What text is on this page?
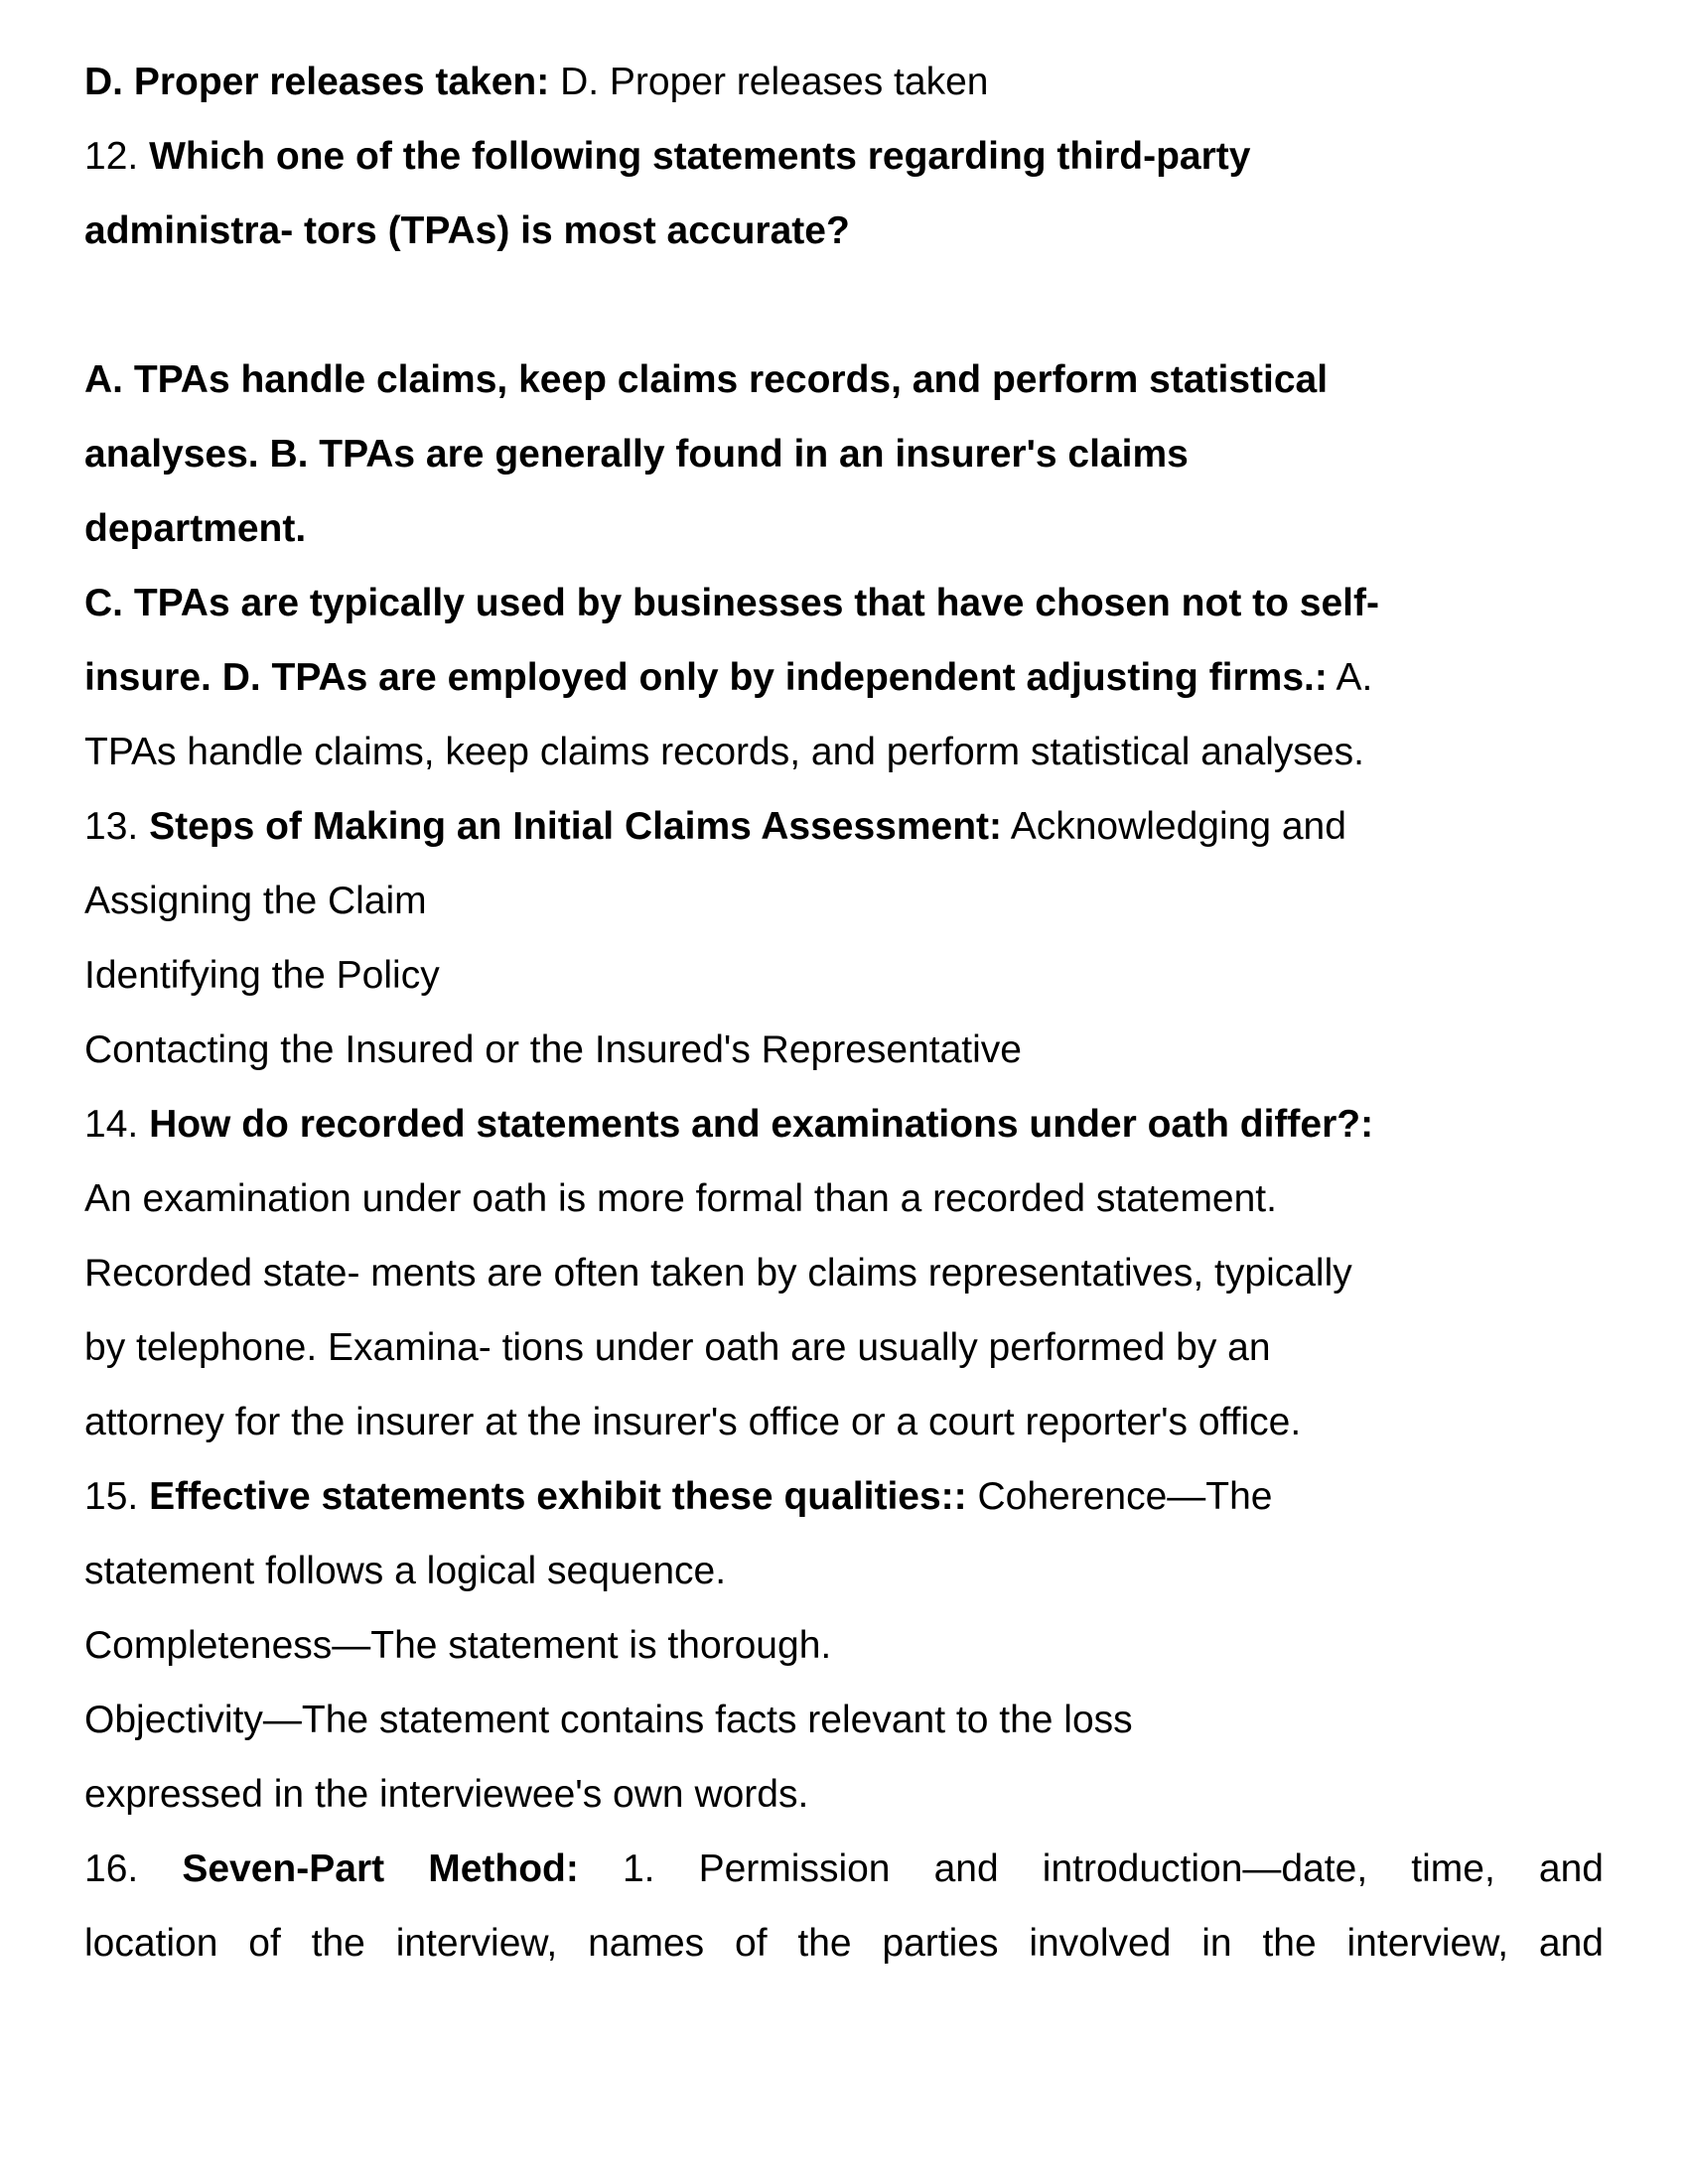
D. Proper releases taken: D. Proper releases taken
12. Which one of the following statements regarding third-party
administra- tors (TPAs) is most accurate?
A. TPAs handle claims, keep claims records, and perform statistical
analyses. B. TPAs are generally found in an insurer's claims
department.
C. TPAs are typically used by businesses that have chosen not to self-
insure. D. TPAs are employed only by independent adjusting firms.: A.
TPAs handle claims, keep claims records, and perform statistical analyses.
13. Steps of Making an Initial Claims Assessment: Acknowledging and
Assigning the Claim
Identifying the Policy
Contacting the Insured or the Insured's Representative
14. How do recorded statements and examinations under oath differ?:
An examination under oath is more formal than a recorded statement.
Recorded state- ments are often taken by claims representatives, typically
by telephone. Examina- tions under oath are usually performed by an
attorney for the insurer at the insurer's office or a court reporter's office.
15. Effective statements exhibit these qualities:: Coherence—The
statement follows a logical sequence.
Completeness—The statement is thorough.
Objectivity—The statement contains facts relevant to the loss
expressed in the interviewee's own words.
16. Seven-Part Method: 1. Permission and introduction—date, time, and
location of the interview, names of the parties involved in the interview, and
